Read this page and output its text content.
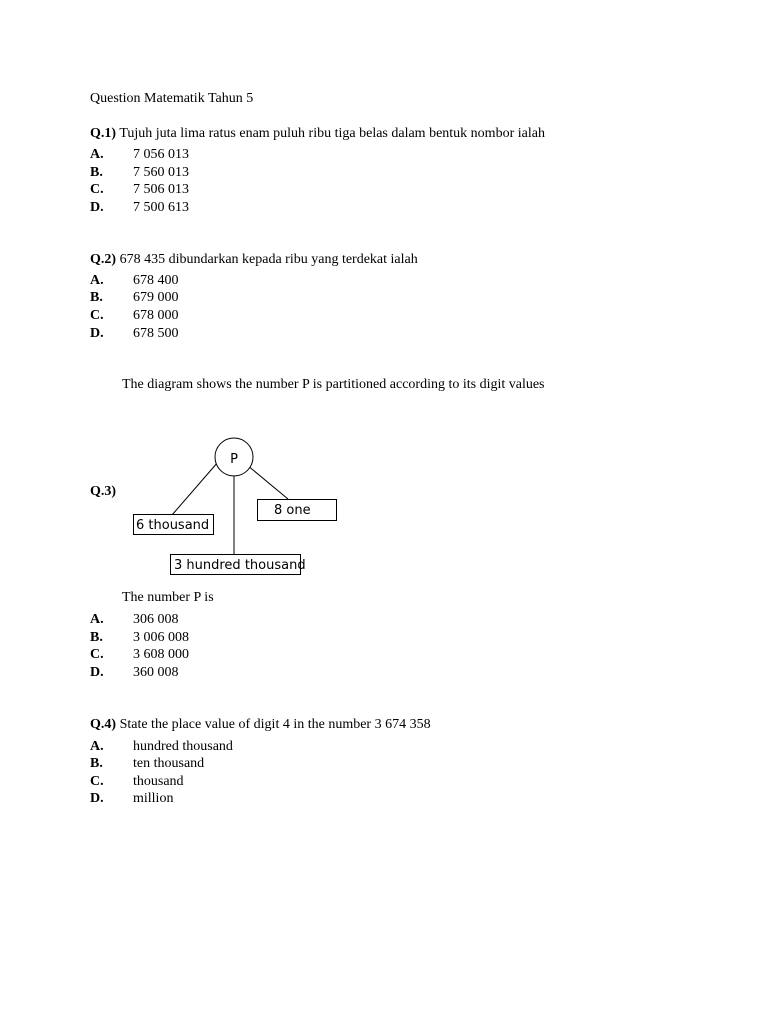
Question Matematik Tahun 5
Q.1) Tujuh juta lima ratus enam puluh ribu tiga belas dalam bentuk nombor ialah
A. 7 056 013
B. 7 560 013
C. 7 506 013
D. 7 500 613
Q.2) 678 435 dibundarkan kepada ribu yang terdekat ialah
A. 678 400
B. 679 000
C. 678 000
D. 678 500
The diagram shows the number P is partitioned according to its digit values
Q.3)
P
6 thousand
8 one
3 hundred thousand
The number P is
A. 306 008
B. 3 006 008
C. 3 608 000
D. 360 008
Q.4) State the place value of digit 4 in the number 3 674 358
A. hundred thousand
B. ten thousand
C. thousand
D. million
